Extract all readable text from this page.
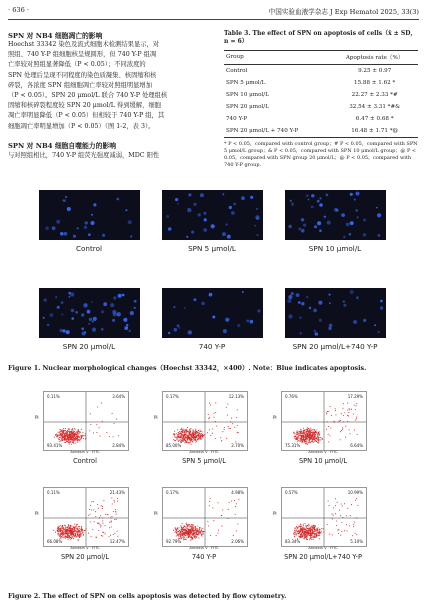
· 636 ·	中国实验血液学杂志 J Exp Hematol 2025, 33(3)
SPN 对 NB4 细胞凋亡的影响
Hoechst 33342 染色及流式细胞术检测结果显示，对
照组、740 Y-P 组细胞核呈规圆形，但 740 Y-P 组凋
亡率较对照组显著降低（P < 0.05）；不同浓度的
SPN 处理后呈现不同程度的染色质凝集、核固缩和核
碎裂，各浓度 SPN 组细胞凋亡率较对照组明显增加
（P < 0.05）。SPN 20 μmol/L 联合 740 Y-P 处理组核
固缩和核碎裂程度较 SPN 20 μmol/L 得到缓解，细胞
凋亡率明显降低（P < 0.05）但相较于 740 Y-P 组，其
细胞凋亡率明显增加（P < 0.05）（图 1-2，表 3）。
SPN 对 NB4 细胞自噬能力的影响
与对照组相比，740 Y-P 组荧光强度减弱，MDC 阳性
Table 3. The effect of SPN on apoptosis of cells（x̄ ± SD，n = 6）
Group	Apoptosis rate（%）
Control	9.25 ± 0.97
SPN 5 μmol/L	15.88 ± 1.62 *
SPN 10 μmol/L	22.27 ± 2.33 *#
SPN 20 μmol/L	32.54 ± 3.31 *#&
740 Y-P	6.47 ± 0.68 *
SPN 20 μmol/L + 740 Y-P	16.48 ± 1.71 *@
* P < 0.05，compared with control group；# P < 0.05，compared with SPN 5 μmol/L group；& P < 0.05，compared with SPN 10 μmol/L group；@ P < 0.05，compared with SPN group 20 μmol/L；@ P < 0.05，compared with 740 Y-P group.
Control	SPN 5 μmol/L	SPN 10 μmol/L
SPN 20 μmol/L	740 Y-P	SPN 20 μmol/L+740 Y-P
Figure 1. Nuclear morphological changes（Hoechst 33342，×400）. Note：Blue indicates apoptosis.
0.11%	3.64%
93.41%	2.84%
PI
Annexin V · FITC
Control
0.17%	12.13%
85.00%	2.70%
PI
Annexin V · FITC
SPN 5 μmol/L
0.76%	17.29%
75.31%	6.64%
PI
Annexin V · FITC
SPN 10 μmol/L
0.11%	21.43%
66.08%	12.47%
PI
Annexin V · FITC
SPN 20 μmol/L
0.17%	4.98%
92.79%	2.06%
PI
Annexin V · FITC
740 Y-P
0.57%	10.99%
83.34%	5.10%
PI
Annexin V · FITC
SPN 20 μmol/L+740 Y-P
Figure 2. The effect of SPN on cells apoptosis was detected by flow cytometry.
